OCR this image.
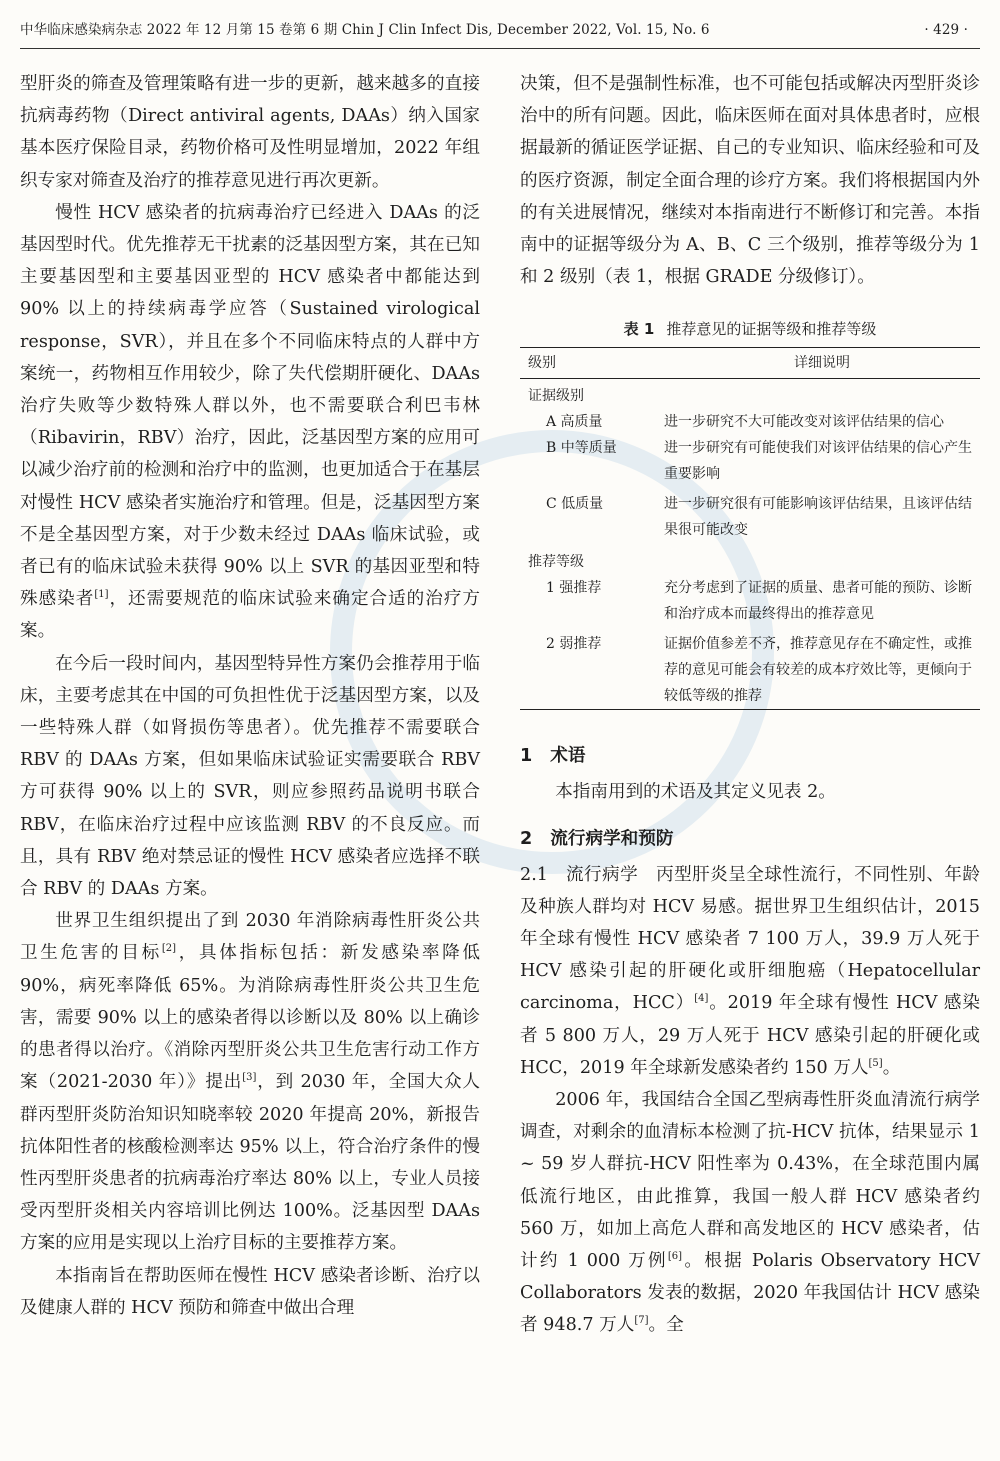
中华临床感染病杂志 2022 年 12 月第 15 卷第 6 期 Chin J Clin Infect Dis, December 2022, Vol. 15, No. 6	· 429 ·

型肝炎的筛查及管理策略有进一步的更新，越来越多的直接抗病毒药物（Direct antiviral agents, DAAs）纳入国家基本医疗保险目录，药物价格可及性明显增加，2022 年组织专家对筛查及治疗的推荐意见进行再次更新。

慢性 HCV 感染者的抗病毒治疗已经进入 DAAs 的泛基因型时代。优先推荐无干扰素的泛基因型方案，其在已知主要基因型和主要基因亚型的 HCV 感染者中都能达到 90% 以上的持续病毒学应答（Sustained virological response，SVR），并且在多个不同临床特点的人群中方案统一，药物相互作用较少，除了失代偿期肝硬化、DAAs 治疗失败等少数特殊人群以外，也不需要联合利巴韦林（Ribavirin，RBV）治疗，因此，泛基因型方案的应用可以减少治疗前的检测和治疗中的监测，也更加适合于在基层对慢性 HCV 感染者实施治疗和管理。但是，泛基因型方案不是全基因型方案，对于少数未经过 DAAs 临床试验，或者已有的临床试验未获得 90% 以上 SVR 的基因亚型和特殊感染者[1]，还需要规范的临床试验来确定合适的治疗方案。

在今后一段时间内，基因型特异性方案仍会推荐用于临床，主要考虑其在中国的可负担性优于泛基因型方案，以及一些特殊人群（如肾损伤等患者）。优先推荐不需要联合 RBV 的 DAAs 方案，但如果临床试验证实需要联合 RBV 方可获得 90% 以上的 SVR，则应参照药品说明书联合 RBV，在临床治疗过程中应该监测 RBV 的不良反应。而且，具有 RBV 绝对禁忌证的慢性 HCV 感染者应选择不联合 RBV 的 DAAs 方案。

世界卫生组织提出了到 2030 年消除病毒性肝炎公共卫生危害的目标[2]，具体指标包括：新发感染率降低 90%，病死率降低 65%。为消除病毒性肝炎公共卫生危害，需要 90% 以上的感染者得以诊断以及 80% 以上确诊的患者得以治疗。《消除丙型肝炎公共卫生危害行动工作方案（2021-2030 年）》提出[3]，到 2030 年，全国大众人群丙型肝炎防治知识知晓率较 2020 年提高 20%，新报告抗体阳性者的核酸检测率达 95% 以上，符合治疗条件的慢性丙型肝炎患者的抗病毒治疗率达 80% 以上，专业人员接受丙型肝炎相关内容培训比例达 100%。泛基因型 DAAs 方案的应用是实现以上治疗目标的主要推荐方案。

本指南旨在帮助医师在慢性 HCV 感染者诊断、治疗以及健康人群的 HCV 预防和筛查中做出合理

决策，但不是强制性标准，也不可能包括或解决丙型肝炎诊治中的所有问题。因此，临床医师在面对具体患者时，应根据最新的循证医学证据、自己的专业知识、临床经验和可及的医疗资源，制定全面合理的诊疗方案。我们将根据国内外的有关进展情况，继续对本指南进行不断修订和完善。本指南中的证据等级分为 A、B、C 三个级别，推荐等级分为 1 和 2 级别（表 1，根据 GRADE 分级修订）。

表 1 推荐意见的证据等级和推荐等级
级别	详细说明
证据级别	
A 高质量	进一步研究不大可能改变对该评估结果的信心
B 中等质量	进一步研究有可能使我们对该评估结果的信心产生重要影响
C 低质量	进一步研究很有可能影响该评估结果，且该评估结果很可能改变
推荐等级	
1 强推荐	充分考虑到了证据的质量、患者可能的预防、诊断和治疗成本而最终得出的推荐意见
2 弱推荐	证据价值参差不齐，推荐意见存在不确定性，或推荐的意见可能会有较差的成本疗效比等，更倾向于较低等级的推荐
1 术语

本指南用到的术语及其定义见表 2。

2 流行病学和预防

2.1 流行病学 丙型肝炎呈全球性流行，不同性别、年龄及种族人群均对 HCV 易感。据世界卫生组织估计，2015 年全球有慢性 HCV 感染者 7 100 万人，39.9 万人死于 HCV 感染引起的肝硬化或肝细胞癌（Hepatocellular carcinoma，HCC）[4]。2019 年全球有慢性 HCV 感染者 5 800 万人，29 万人死于 HCV 感染引起的肝硬化或 HCC，2019 年全球新发感染者约 150 万人[5]。

2006 年，我国结合全国乙型病毒性肝炎血清流行病学调查，对剩余的血清标本检测了抗-HCV 抗体，结果显示 1 ~ 59 岁人群抗-HCV 阳性率为 0.43%，在全球范围内属低流行地区，由此推算，我国一般人群 HCV 感染者约 560 万，如加上高危人群和高发地区的 HCV 感染者，估计约 1 000 万例[6]。根据 Polaris Observatory HCV Collaborators 发表的数据，2020 年我国估计 HCV 感染者 948.7 万人[7]。全
